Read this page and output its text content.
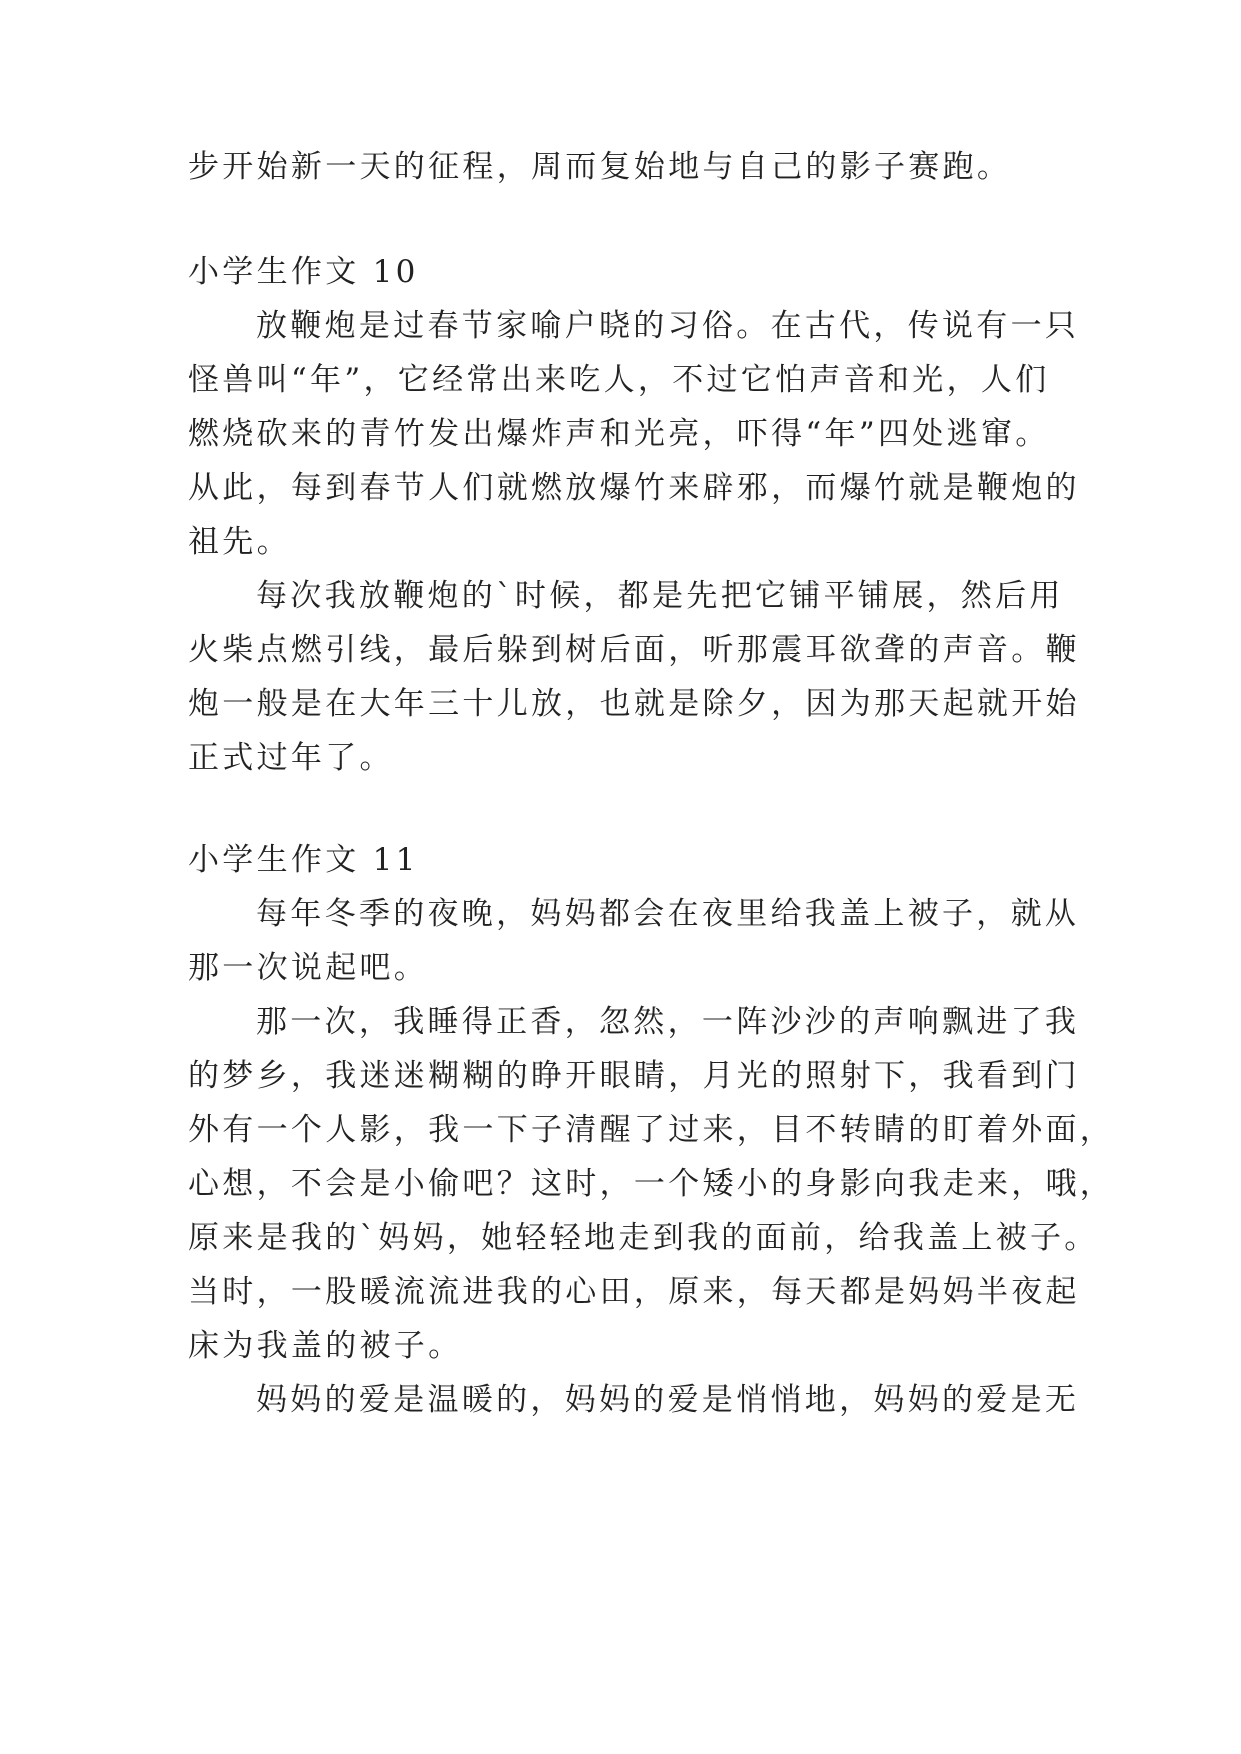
步开始新一天的征程，周而复始地与自己的影子赛跑。
小学生作文 10
放鞭炮是过春节家喻户晓的习俗。在古代，传说有一只
怪兽叫“年”，它经常出来吃人，不过它怕声音和光，人们
燃烧砍来的青竹发出爆炸声和光亮，吓得“年”四处逃窜。
从此，每到春节人们就燃放爆竹来辟邪，而爆竹就是鞭炮的
祖先。
每次我放鞭炮的`时候，都是先把它铺平铺展，然后用
火柴点燃引线，最后躲到树后面，听那震耳欲聋的声音。鞭
炮一般是在大年三十儿放，也就是除夕，因为那天起就开始
正式过年了。
小学生作文 11
每年冬季的夜晚，妈妈都会在夜里给我盖上被子，就从
那一次说起吧。
那一次，我睡得正香，忽然，一阵沙沙的声响飘进了我
的梦乡，我迷迷糊糊的睁开眼睛，月光的照射下，我看到门
外有一个人影，我一下子清醒了过来，目不转睛的盯着外面，
心想，不会是小偷吧？这时，一个矮小的身影向我走来，哦，
原来是我的`妈妈，她轻轻地走到我的面前，给我盖上被子。
当时，一股暖流流进我的心田，原来，每天都是妈妈半夜起
床为我盖的被子。
妈妈的爱是温暖的，妈妈的爱是悄悄地，妈妈的爱是无
